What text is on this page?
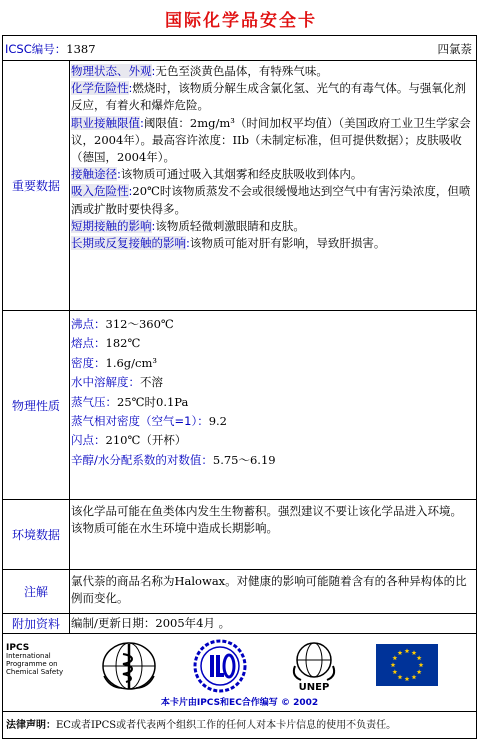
国际化学品安全卡
ICSC编号：1387	四氯萘
重要数据
物理状态、外观:无色至淡黄色晶体，有特殊气味。
化学危险性:燃烧时，该物质分解生成含氯化氢、光气的有毒气体。与强氧化剂反应，有着火和爆炸危险。
职业接触限值:阈限值：2mg/m³（时间加权平均值）（美国政府工业卫生学家会议，2004年）。最高容许浓度：IIb（未制定标准，但可提供数据）；皮肤吸收（德国，2004年）。
接触途径:该物质可通过吸入其烟雾和经皮肤吸收到体内。
吸入危险性:20℃时该物质蒸发不会或很缓慢地达到空气中有害污染浓度，但喷洒或扩散时要快得多。
短期接触的影响:该物质轻微刺激眼睛和皮肤。
长期或反复接触的影响:该物质可能对肝有影响，导致肝损害。
物理性质
沸点：312～360℃
熔点：182℃
密度：1.6g/cm³
水中溶解度：不溶
蒸气压：25℃时0.1Pa
蒸气相对密度（空气=1）：9.2
闪点：210℃（开杯）
辛醇/水分配系数的对数值：5.75～6.19
环境数据
该化学品可能在鱼类体内发生生物蓄积。强烈建议不要让该化学品进入环境。该物质可能在水生环境中造成长期影响。
注解
氯代萘的商品名称为Halowax。对健康的影响可能随着含有的各种异构体的比例而变化。
附加资料 编制/更新日期：2005年4月 。
IPCS
International
Programme on
Chemical Safety
UNEP
本卡片由IPCS和EC合作编写 © 2002
法律声明：EC或者IPCS或者代表两个组织工作的任何人对本卡片信息的使用不负责任。
